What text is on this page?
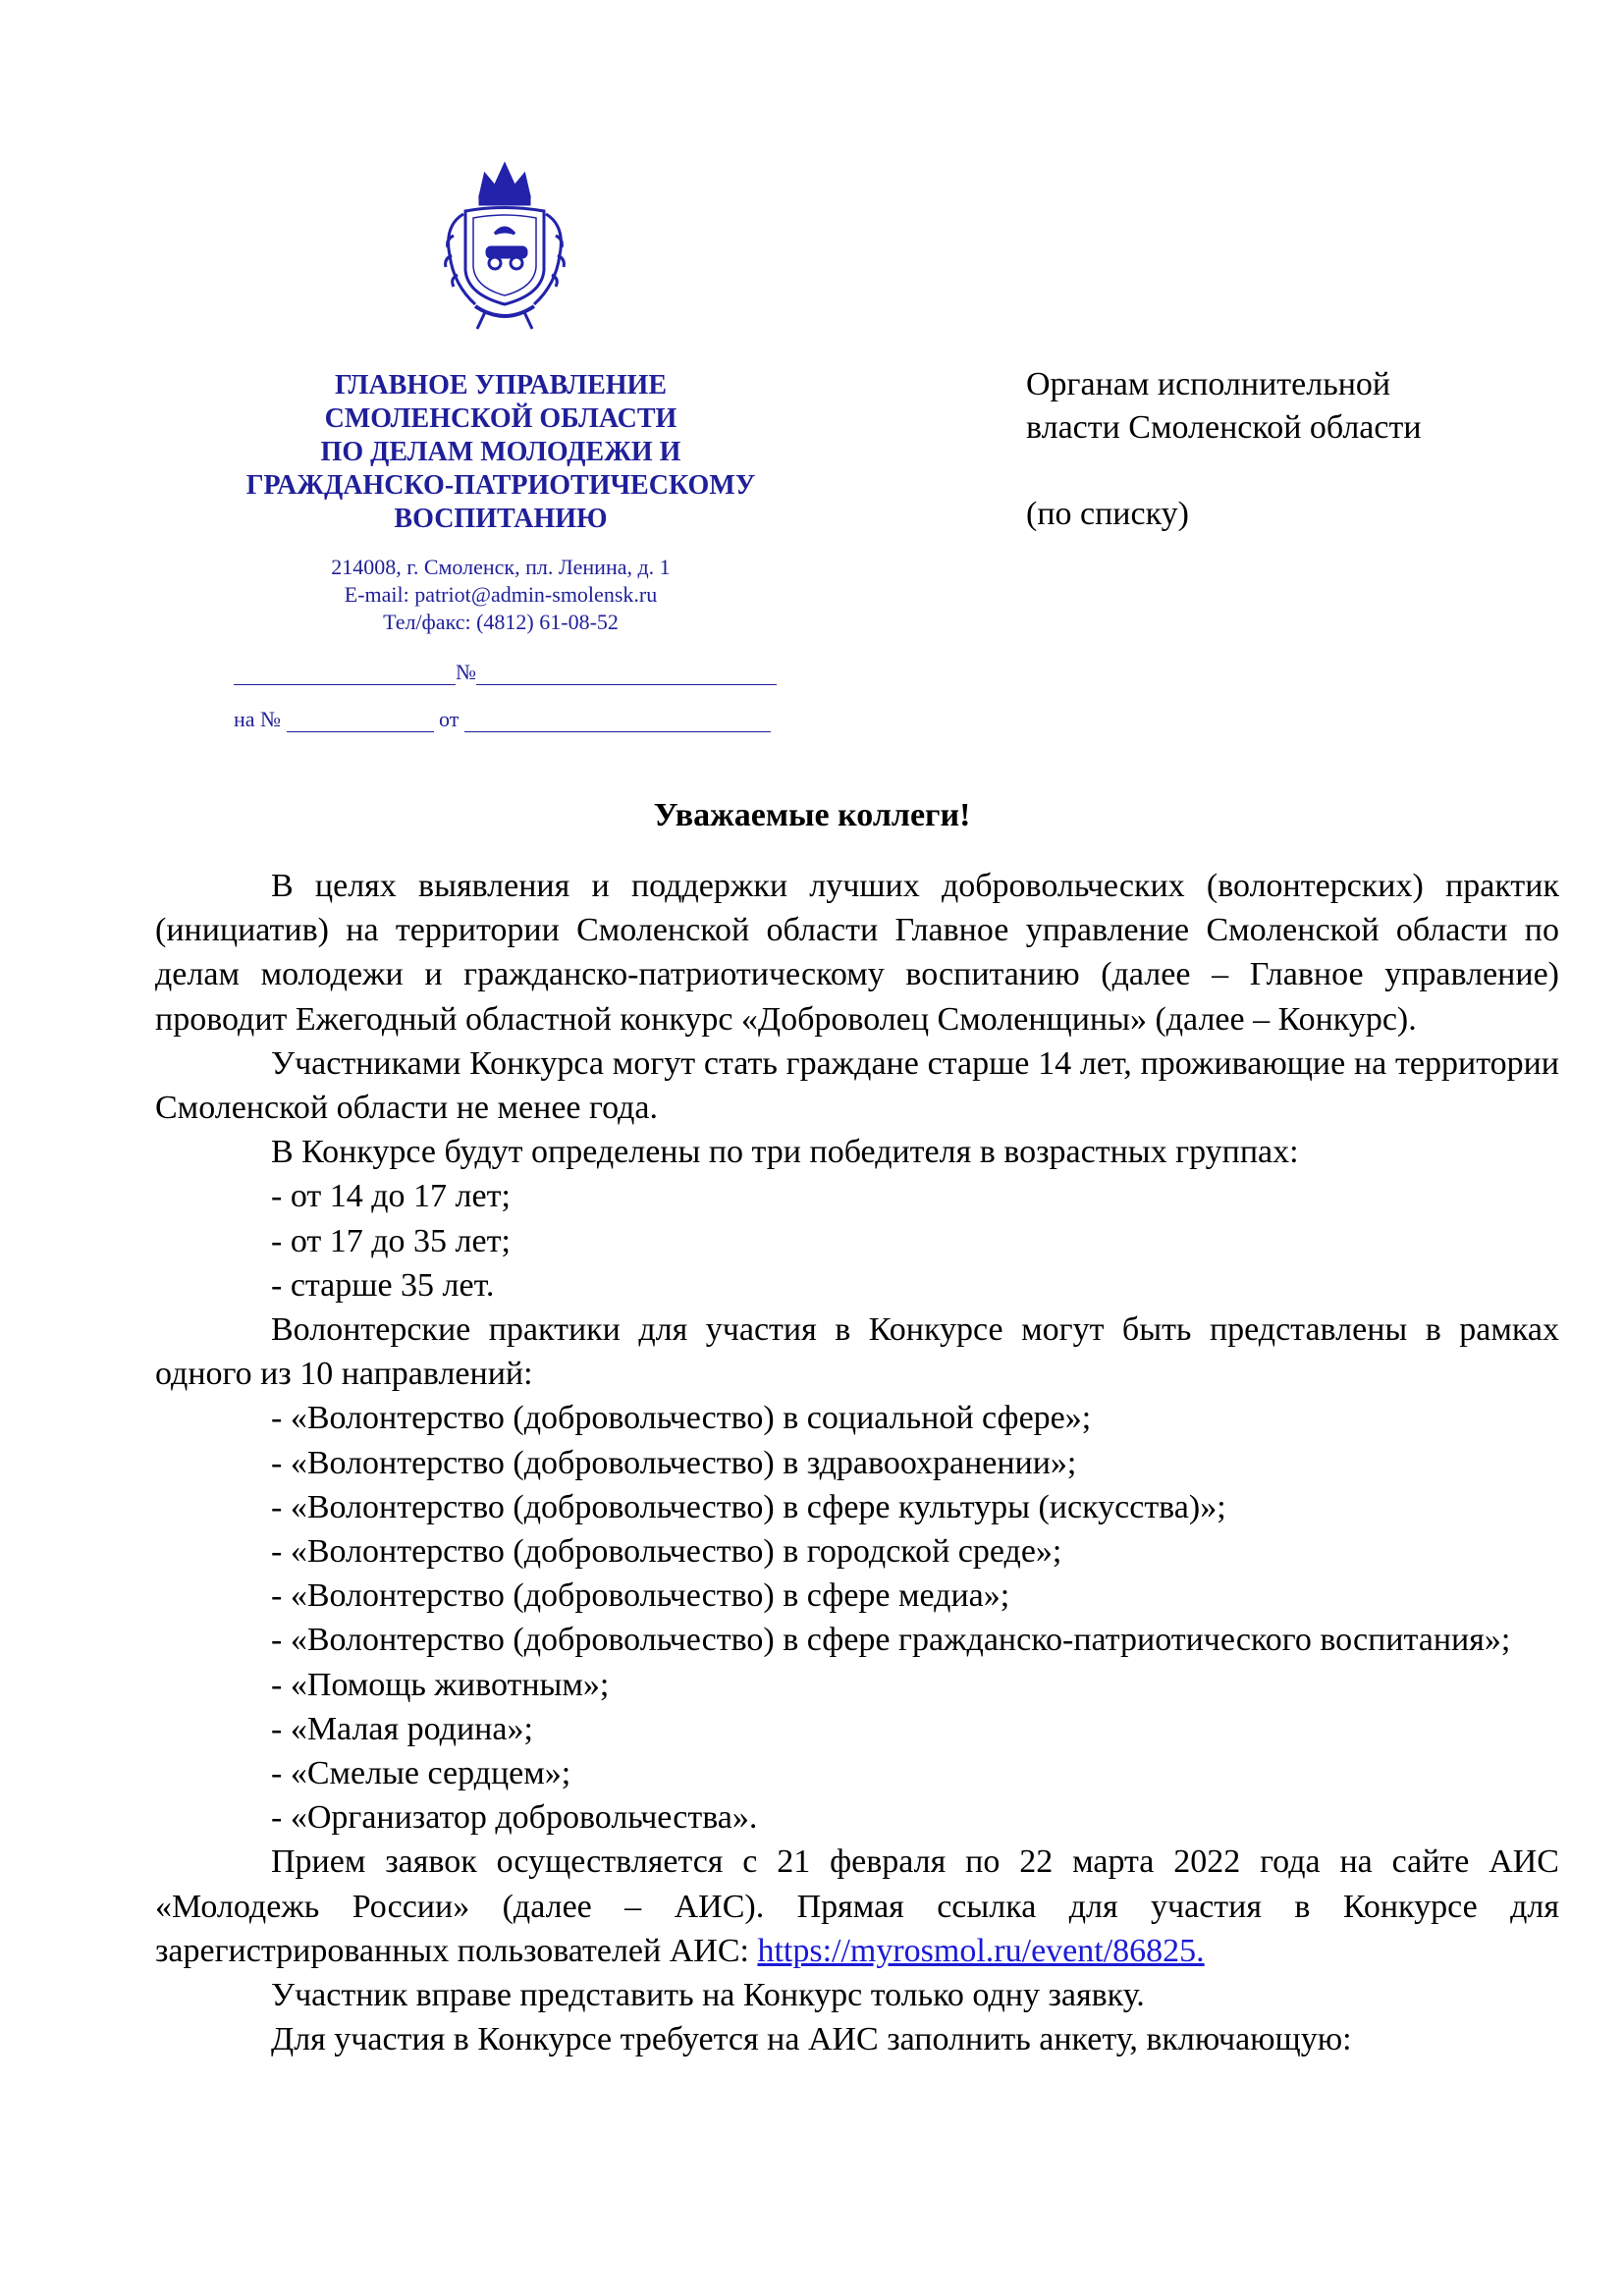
ГЛАВНОЕ УПРАВЛЕНИЕ
СМОЛЕНСКОЙ ОБЛАСТИ
ПО ДЕЛАМ МОЛОДЕЖИ И
ГРАЖДАНСКО-ПАТРИОТИЧЕСКОМУ
ВОСПИТАНИЮ
214008, г. Смоленск, пл. Ленина, д. 1
E-mail: patriot@admin-smolensk.ru
Тел/факс: (4812) 61-08-52
№
на №	от
Органам исполнительной
власти Смоленской области
(по списку)
Уважаемые коллеги!

В целях выявления и поддержки лучших добровольческих (волонтерских) практик (инициатив) на территории Смоленской области Главное управление Смоленской области по делам молодежи и гражданско-патриотическому воспитанию (далее – Главное управление) проводит Ежегодный областной конкурс «Доброволец Смоленщины» (далее – Конкурс).

Участниками Конкурса могут стать граждане старше 14 лет, проживающие на территории Смоленской области не менее года.

В Конкурсе будут определены по три победителя в возрастных группах:

- от 14 до 17 лет;

- от 17 до 35 лет;

- старше 35 лет.

Волонтерские практики для участия в Конкурсе могут быть представлены в рамках одного из 10 направлений:

- «Волонтерство (добровольчество) в социальной сфере»;

- «Волонтерство (добровольчество) в здравоохранении»;

- «Волонтерство (добровольчество) в сфере культуры (искусства)»;

- «Волонтерство (добровольчество) в городской среде»;

- «Волонтерство (добровольчество) в сфере медиа»;

- «Волонтерство (добровольчество) в сфере гражданско-патриотического воспитания»;

- «Помощь животным»;

- «Малая родина»;

- «Смелые сердцем»;

- «Организатор добровольчества».

Прием заявок осуществляется с 21 февраля по 22 марта 2022 года на сайте АИС «Молодежь России» (далее – АИС). Прямая ссылка для участия в Конкурсе для зарегистрированных пользователей АИС: https://myrosmol.ru/event/86825.

Участник вправе представить на Конкурс только одну заявку.

Для участия в Конкурсе требуется на АИС заполнить анкету, включающую:
